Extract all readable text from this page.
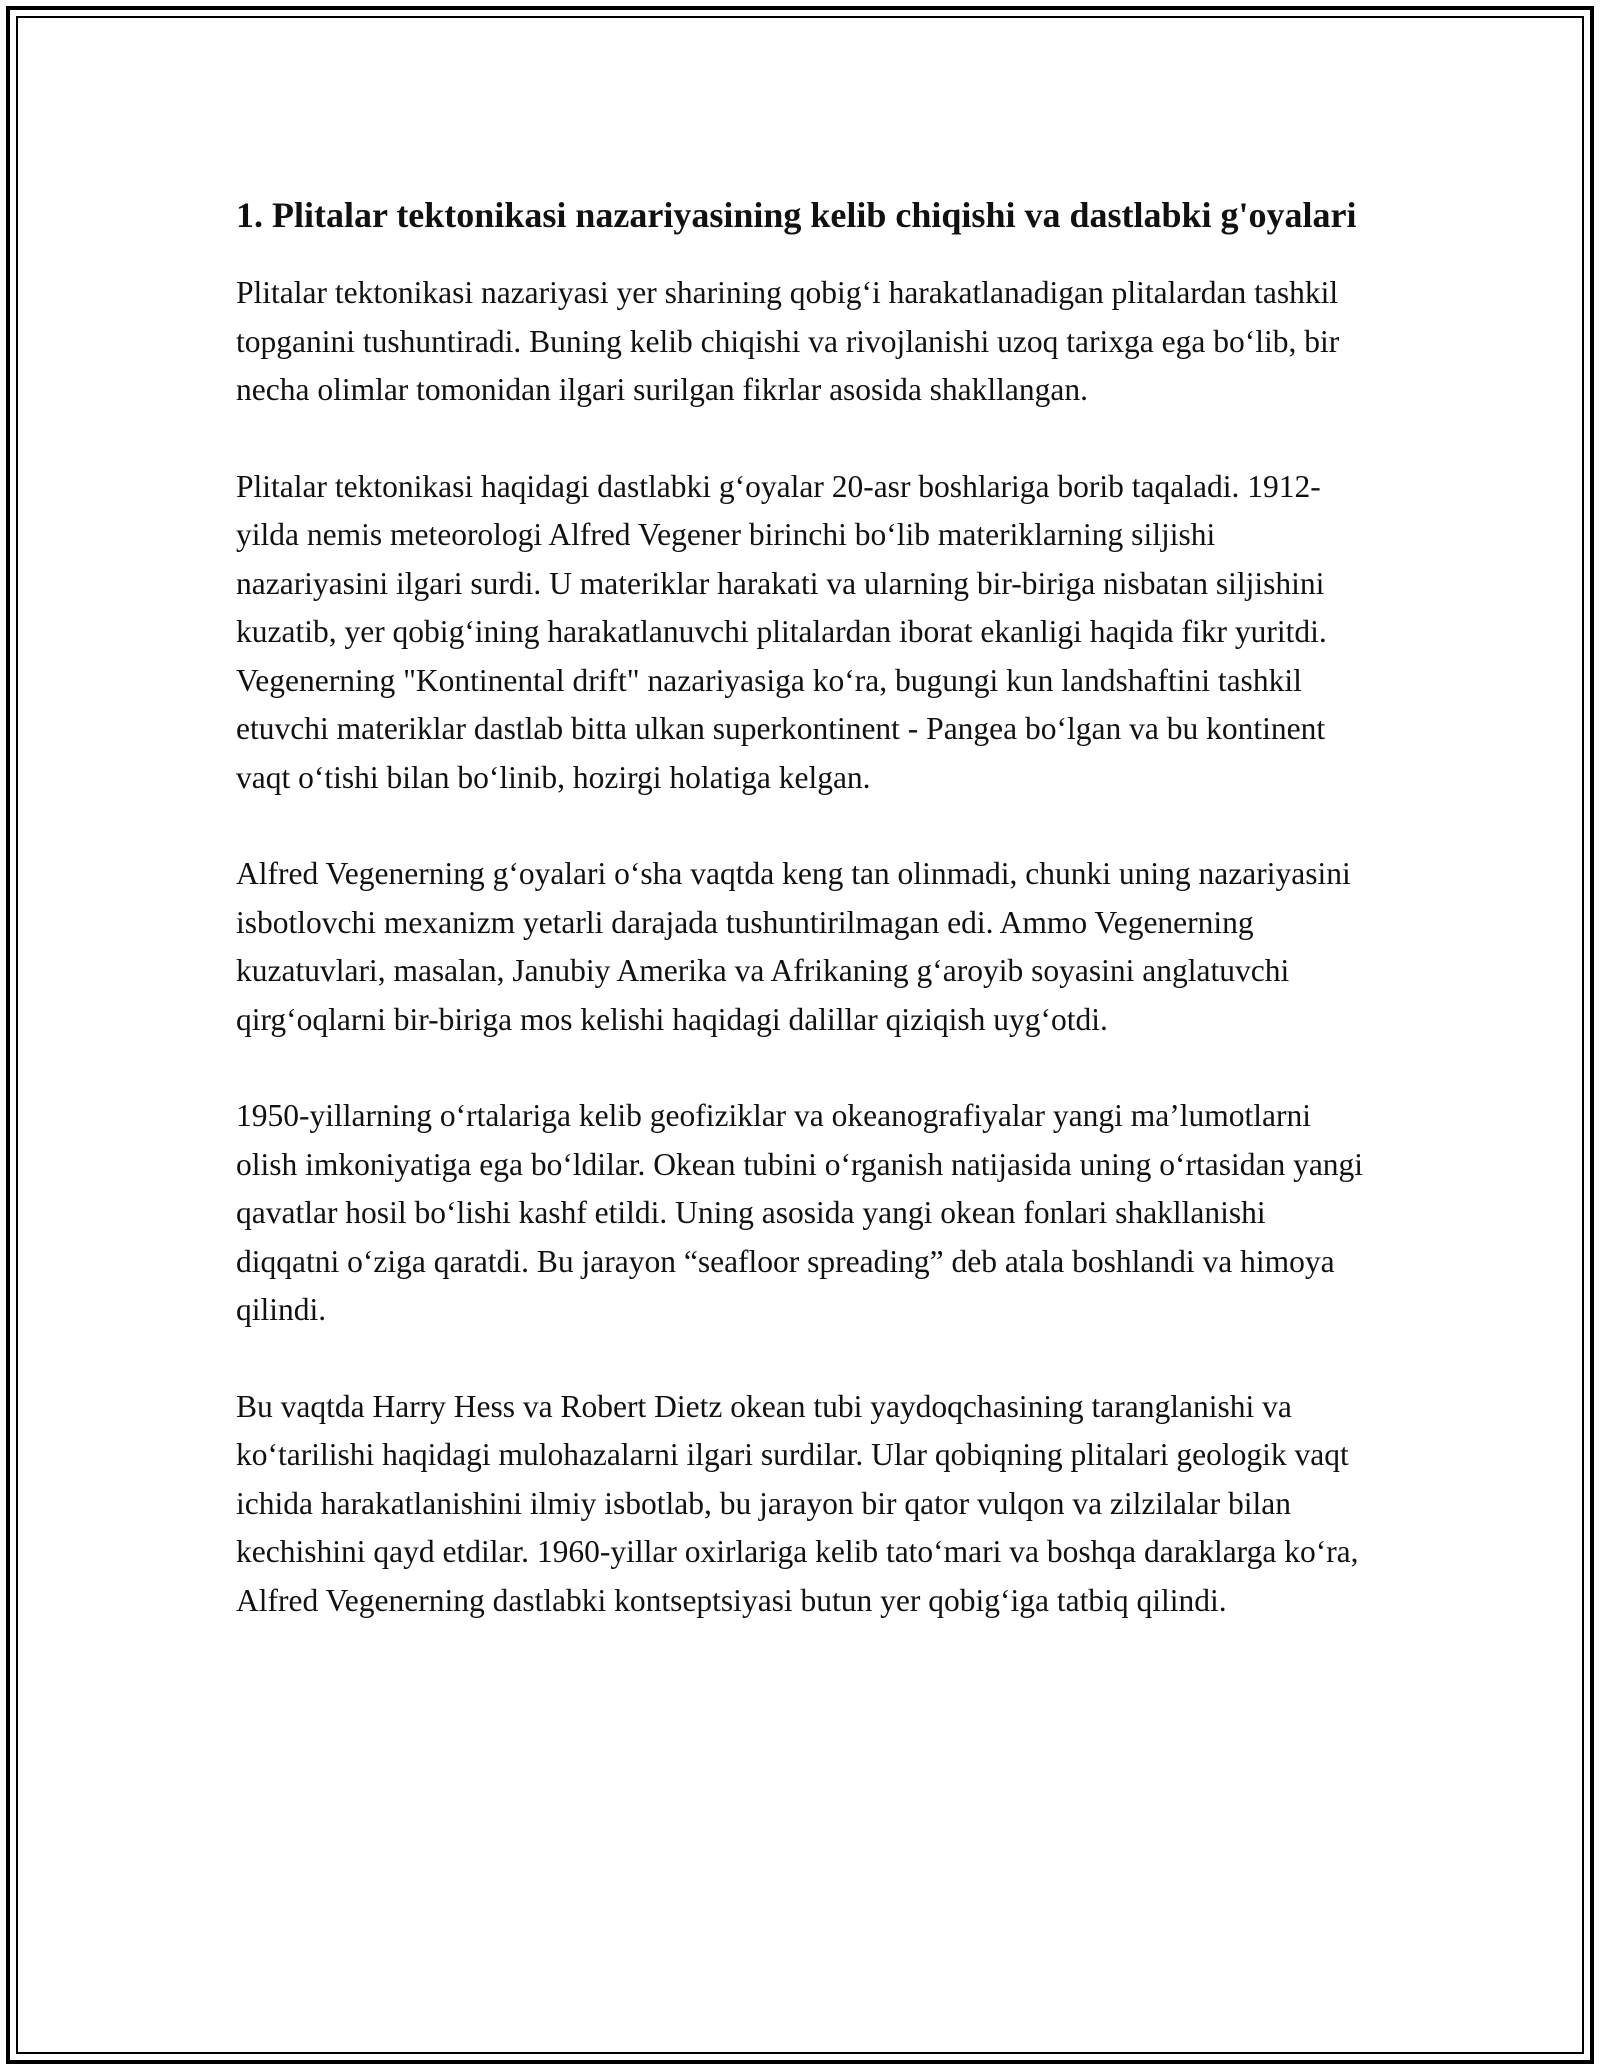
1. Plitalar tektonikasi nazariyasining kelib chiqishi va dastlabki g'oyalari

Plitalar tektonikasi nazariyasi yer sharining qobig‘i harakatlanadigan plitalardan tashkil topganini tushuntiradi. Buning kelib chiqishi va rivojlanishi uzoq tarixga ega bo‘lib, bir necha olimlar tomonidan ilgari surilgan fikrlar asosida shakllangan.

Plitalar tektonikasi haqidagi dastlabki g‘oyalar 20-asr boshlariga borib taqaladi. 1912-yilda nemis meteorologi Alfred Vegener birinchi bo‘lib materiklarning siljishi nazariyasini ilgari surdi. U materiklar harakati va ularning bir-biriga nisbatan siljishini kuzatib, yer qobig‘ining harakatlanuvchi plitalardan iborat ekanligi haqida fikr yuritdi. Vegenerning "Kontinental drift" nazariyasiga ko‘ra, bugungi kun landshaftini tashkil etuvchi materiklar dastlab bitta ulkan superkontinent - Pangea bo‘lgan va bu kontinent vaqt o‘tishi bilan bo‘linib, hozirgi holatiga kelgan.

Alfred Vegenerning g‘oyalari o‘sha vaqtda keng tan olinmadi, chunki uning nazariyasini isbotlovchi mexanizm yetarli darajada tushuntirilmagan edi. Ammo Vegenerning kuzatuvlari, masalan, Janubiy Amerika va Afrikaning g‘aroyib soyasini anglatuvchi qirg‘oqlarni bir-biriga mos kelishi haqidagi dalillar qiziqish uyg‘otdi.

1950-yillarning o‘rtalariga kelib geofiziklar va okeanografiyalar yangi ma’lumotlarni olish imkoniyatiga ega bo‘ldilar. Okean tubini o‘rganish natijasida uning o‘rtasidan yangi qavatlar hosil bo‘lishi kashf etildi. Uning asosida yangi okean fonlari shakllanishi diqqatni o‘ziga qaratdi. Bu jarayon “seafloor spreading” deb atala boshlandi va himoya qilindi.

Bu vaqtda Harry Hess va Robert Dietz okean tubi yaydoqchasining taranglanishi va ko‘tarilishi haqidagi mulohazalarni ilgari surdilar. Ular qobiqning plitalari geologik vaqt ichida harakatlanishini ilmiy isbotlab, bu jarayon bir qator vulqon va zilzilalar bilan kechishini qayd etdilar. 1960-yillar oxirlariga kelib tato‘mari va boshqa daraklarga ko‘ra, Alfred Vegenerning dastlabki kontseptsiyasi butun yer qobig‘iga tatbiq qilindi.
